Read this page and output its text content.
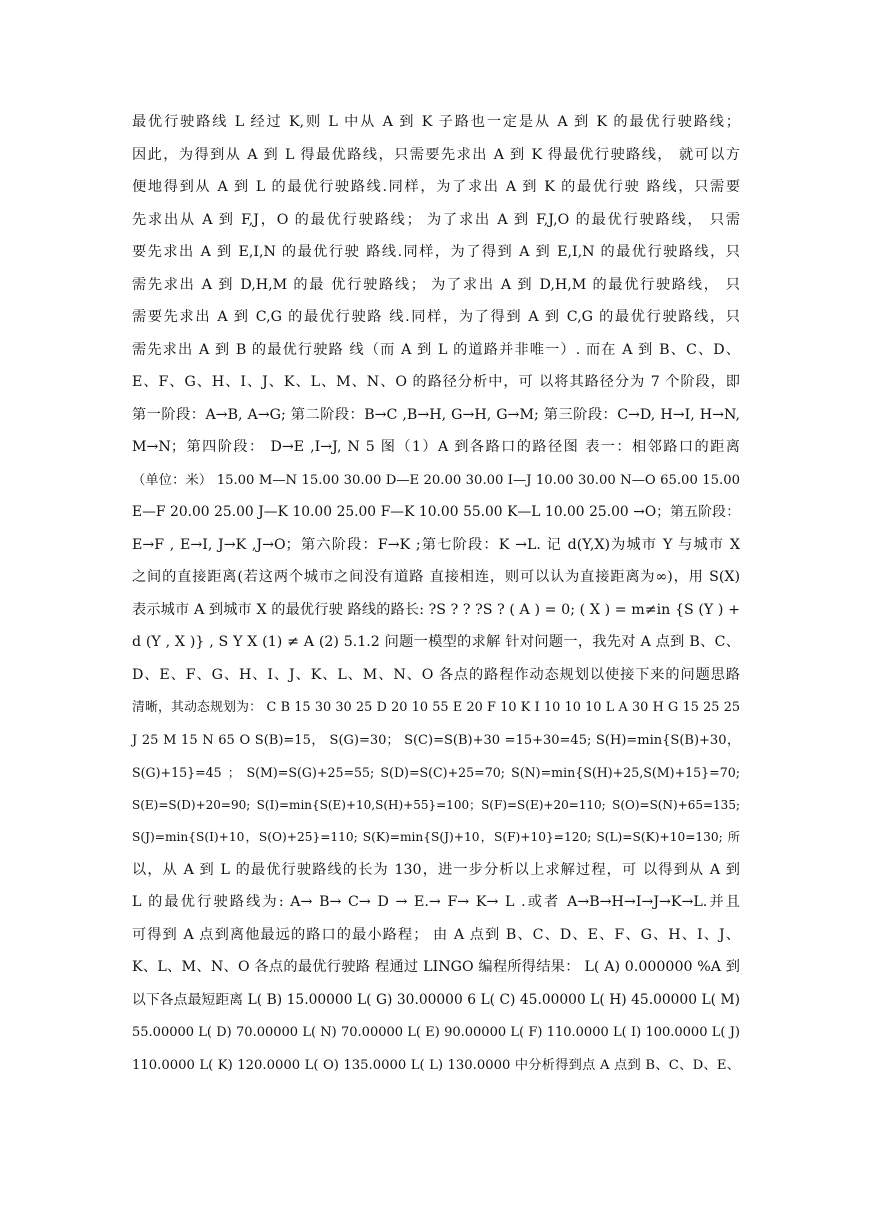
最优行驶路线 L 经过 K,则 L 中从 A 到 K 子路也一定是从 A 到 K 的最优行驶路线；
因此，为得到从 A 到 L 得最优路线，只需要先求出 A 到 K 得最优行驶路线， 就可以方
便地得到从 A 到 L 的最优行驶路线.同样，为了求出 A 到 K 的最优行驶 路线，只需要
先求出从 A 到 F,J，O 的最优行驶路线； 为了求出 A 到 F,J,O 的最优行驶路线， 只需
要先求出 A 到 E,I,N 的最优行驶 路线.同样，为了得到 A 到 E,I,N 的最优行驶路线，只
需先求出 A 到 D,H,M 的最 优行驶路线； 为了求出 A 到 D,H,M 的最优行驶路线， 只
需要先求出 A 到 C,G 的最优行驶路 线.同样，为了得到 A 到 C,G 的最优行驶路线，只
需先求出 A 到 B 的最优行驶路 线（而 A 到 L 的道路并非唯一）. 而在 A 到 B、C、D、
E、F、G、H、I、J、K、L、M、N、O 的路径分析中，可 以将其路径分为 7 个阶段，即
第一阶段：A→B, A→G; 第二阶段：B→C ,B→H, G→H, G→M; 第三阶段：C→D, H→I, H→N,
M→N；第四阶段： D→E ,I→J, N 5 图（1）A 到各路口的路径图 表一：相邻路口的距离
（单位：米） 15.00 M—N 15.00 30.00 D—E 20.00 30.00 I—J 10.00 30.00 N—O 65.00 15.00
E—F 20.00 25.00 J—K 10.00 25.00 F—K 10.00 55.00 K—L 10.00 25.00 →O；第五阶段：
E→F , E→I, J→K ,J→O；第六阶段：F→K ;第七阶段：K →L. 记 d(Y,X)为城市 Y 与城市 X
之间的直接距离(若这两个城市之间没有道路 直接相连，则可以认为直接距离为∞)，用 S(X)
表示城市 A 到城市 X 的最优行驶 路线的路长: ?S ? ? ?S ? ( A ) = 0; ( X ) = m≠in {S (Y ) +
d (Y , X )} , S Y X (1) ≠ A (2) 5.1.2 问题一模型的求解 针对问题一，我先对 A 点到 B、C、
D、E、F、G、H、I、J、K、L、M、N、O 各点的路程作动态规划以使接下来的问题思路
清晰，其动态规划为： C B 15 30 30 25 D 20 10 55 E 20 F 10 K I 10 10 10 L A 30 H G 15 25 25
J 25 M 15 N 65 O S(B)=15， S(G)=30； S(C)=S(B)+30 =15+30=45; S(H)=min{S(B)+30，
S(G)+15}=45 ； S(M)=S(G)+25=55; S(D)=S(C)+25=70; S(N)=min{S(H)+25,S(M)+15}=70;
S(E)=S(D)+20=90; S(I)=min{S(E)+10,S(H)+55}=100；S(F)=S(E)+20=110; S(O)=S(N)+65=135;
S(J)=min{S(I)+10，S(O)+25}=110; S(K)=min{S(J)+10，S(F)+10}=120; S(L)=S(K)+10=130; 所
以，从 A 到 L 的最优行驶路线的长为 130，进一步分析以上求解过程，可 以得到从 A 到
L 的最优行驶路线为: A→ B→ C→ D → E.→ F→ K→ L .或者 A→B→H→I→J→K→L.并且
可得到 A 点到离他最远的路口的最小路程； 由 A 点到 B、C、D、E、F、G、H、I、J、
K、L、M、N、O 各点的最优行驶路 程通过 LINGO 编程所得结果： L( A) 0.000000 %A 到
以下各点最短距离 L( B) 15.00000 L( G) 30.00000 6 L( C) 45.00000 L( H) 45.00000 L( M)
55.00000 L( D) 70.00000 L( N) 70.00000 L( E) 90.00000 L( F) 110.0000 L( I) 100.0000 L( J)
110.0000 L( K) 120.0000 L( O) 135.0000 L( L) 130.0000 中分析得到点 A 点到 B、C、D、E、
